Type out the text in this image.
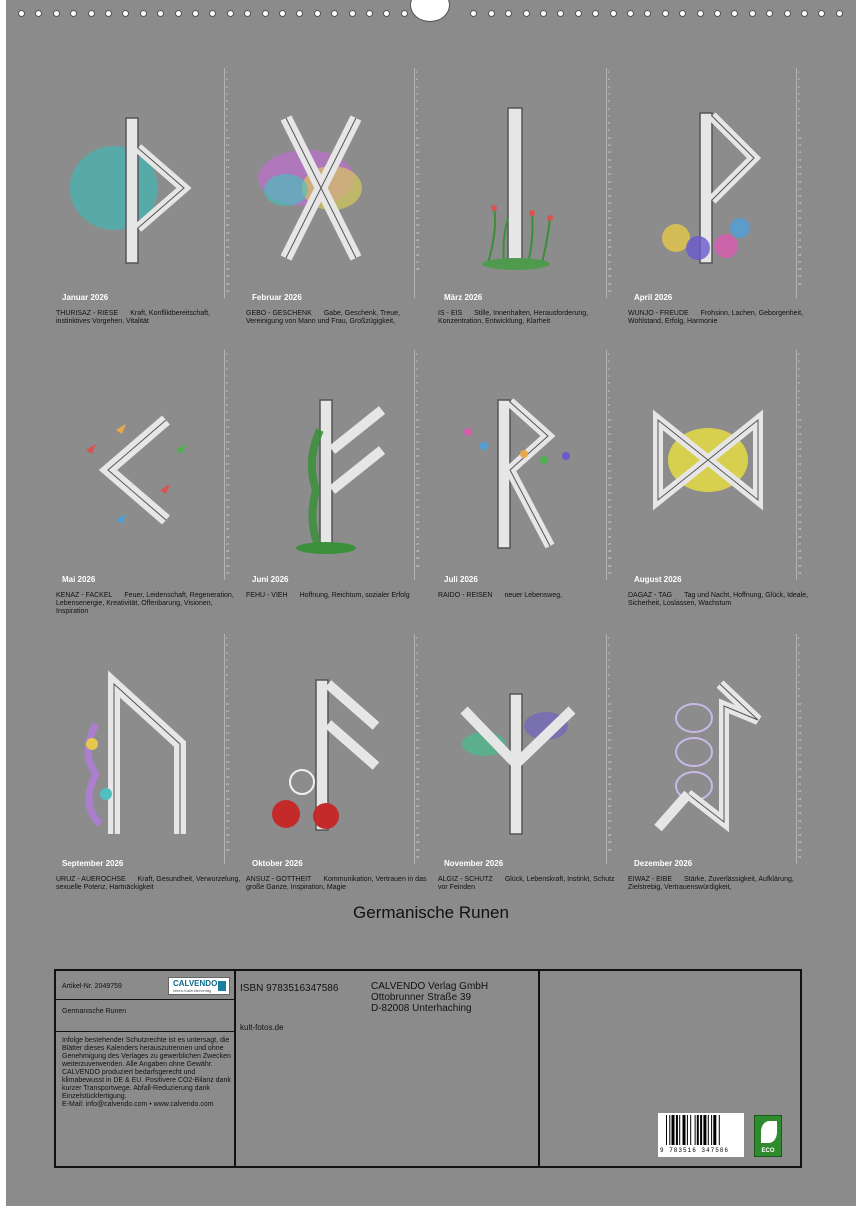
1
2
3
4
5
6
7
8
9
10
11
12
13
14
15
16
17
18
19
20
21
22
23
24
25
26
27
28
29
30
31
Januar 2026
THURISAZ - RIESE Kraft, Konfliktbereitschaft, instinktives Vorgehen, Vitalität
1
2
3
4
5
6
7
8
9
10
11
12
13
14
15
16
17
18
19
20
21
22
23
24
25
26
27
28
Februar 2026
GEBO - GESCHENK Gabe, Geschenk, Treue, Vereinigung von Mann und Frau, Großzügigkeit,
1
2
3
4
5
6
7
8
9
10
11
12
13
14
15
16
17
18
19
20
21
22
23
24
25
26
27
28
29
30
31
März 2026
IS - EIS Stille, Innenhalten, Herausforderung, Konzentration, Entwicklung, Klarheit
1
2
3
4
5
6
7
8
9
10
11
12
13
14
15
16
17
18
19
20
21
22
23
24
25
26
27
28
29
30
April 2026
WUNJO - FREUDE Frohsinn, Lachen, Geborgenheit, Wohlstand, Erfolg, Harmonie
1
2
3
4
5
6
7
8
9
10
11
12
13
14
15
16
17
18
19
20
21
22
23
24
25
26
27
28
29
30
31
Mai 2026
KENAZ - FACKEL Feuer, Leidenschaft, Regeneration, Lebensenergie, Kreativität, Offenbarung, Visionen, Inspiration
1
2
3
4
5
6
7
8
9
10
11
12
13
14
15
16
17
18
19
20
21
22
23
24
25
26
27
28
29
30
Juni 2026
FEHU - VIEH Hoffnung, Reichtum, sozialer Erfolg
1
2
3
4
5
6
7
8
9
10
11
12
13
14
15
16
17
18
19
20
21
22
23
24
25
26
27
28
29
30
31
Juli 2026
RAIDO - REISEN neuer Lebensweg,
1
2
3
4
5
6
7
8
9
10
11
12
13
14
15
16
17
18
19
20
21
22
23
24
25
26
27
28
29
30
31
August 2026
DAGAZ - TAG Tag und Nacht, Hoffnung, Glück, Ideale, Sicherheit, Loslassen, Wachstum
1
2
3
4
5
6
7
8
9
10
11
12
13
14
15
16
17
18
19
20
21
22
23
24
25
26
27
28
29
30
September 2026
URUZ - AUEROCHSE Kraft, Gesundheit, Verwurzelung, sexuelle Potenz, Hartnäckigkeit
1
2
3
4
5
6
7
8
9
10
11
12
13
14
15
16
17
18
19
20
21
22
23
24
25
26
27
28
29
30
31
Oktober 2026
ANSUZ - GOTTHEIT Kommunikation, Vertrauen in das große Ganze, Inspiration, Magie
1
2
3
4
5
6
7
8
9
10
11
12
13
14
15
16
17
18
19
20
21
22
23
24
25
26
27
28
29
30
November 2026
ALGIZ - SCHUTZ Glück, Lebenskraft, Instinkt, Schutz vor Feinden
1
2
3
4
5
6
7
8
9
10
11
12
13
14
15
16
17
18
19
20
21
22
23
24
25
26
27
28
29
30
31
Dezember 2026
EIWAZ - EIBE Stärke, Zuverlässigkeit, Aufklärung, Zielstrebig, Vertrauenswürdigkeit,
Germanische Runen
Artikel-Nr. 2049759	CALVENDO
Ideen-Kalenderverlag
Germanische Runen
Infolge bestehender Schutzrechte ist es untersagt, die Blätter dieses Kalenders herauszutrennen und ohne Genehmigung des Verlages zu gewerblichen Zwecken weiterzuverwenden. Alle Angaben ohne Gewähr.
CALVENDO produziert bedarfsgerecht und klimabewusst in DE & EU. Positivere CO2-Bilanz dank kurzer Transportwege. Abfall-Reduzierung dank Einzelstückfertigung.
E-Mail: info@calvendo.com • www.calvendo.com
ISBN 9783516347586	CALVENDO Verlag GmbH
Ottobrunner Straße 39
D-82008 Unterhaching
kult-fotos.de
9 783516 347586	ECO
